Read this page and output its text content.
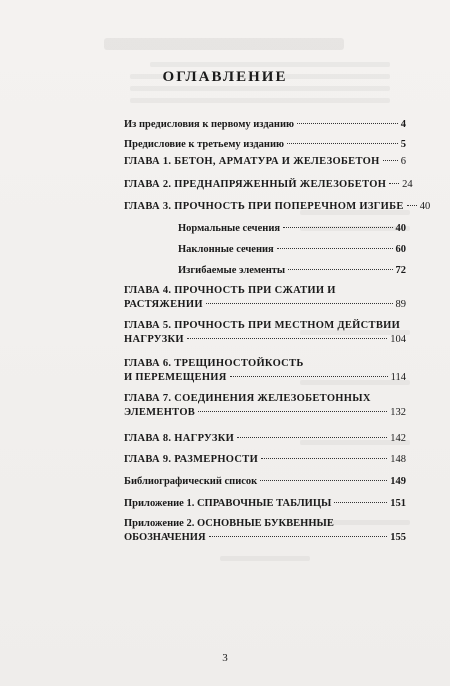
ОГЛАВЛЕНИЕ
Из предисловия к первому изданию	4
Предисловие к третьему изданию	5
ГЛАВА 1. БЕТОН, АРМАТУРА И ЖЕЛЕЗОБЕТОН 6
ГЛАВА 2. ПРЕДНАПРЯЖЕННЫЙ ЖЕЛЕЗОБЕТОН 24
ГЛАВА 3. ПРОЧНОСТЬ ПРИ ПОПЕРЕЧНОМ ИЗГИБЕ 40
Нормальные сечения	40
Наклонные сечения	60
Изгибаемые элементы	72
ГЛАВА 4. ПРОЧНОСТЬ ПРИ СЖАТИИ И
РАСТЯЖЕНИИ	89
ГЛАВА 5. ПРОЧНОСТЬ ПРИ МЕСТНОМ ДЕЙСТВИИ
НАГРУЗКИ	104
ГЛАВА 6. ТРЕЩИНОСТОЙКОСТЬ
И ПЕРЕМЕЩЕНИЯ	114
ГЛАВА 7. СОЕДИНЕНИЯ ЖЕЛЕЗОБЕТОННЫХ
ЭЛЕМЕНТОВ	132
ГЛАВА 8. НАГРУЗКИ	142
ГЛАВА 9. РАЗМЕРНОСТИ	148
Библиографический список	149
Приложение 1. СПРАВОЧНЫЕ ТАБЛИЦЫ	151
Приложение 2. ОСНОВНЫЕ БУКВЕННЫЕ
ОБОЗНАЧЕНИЯ	155
3
